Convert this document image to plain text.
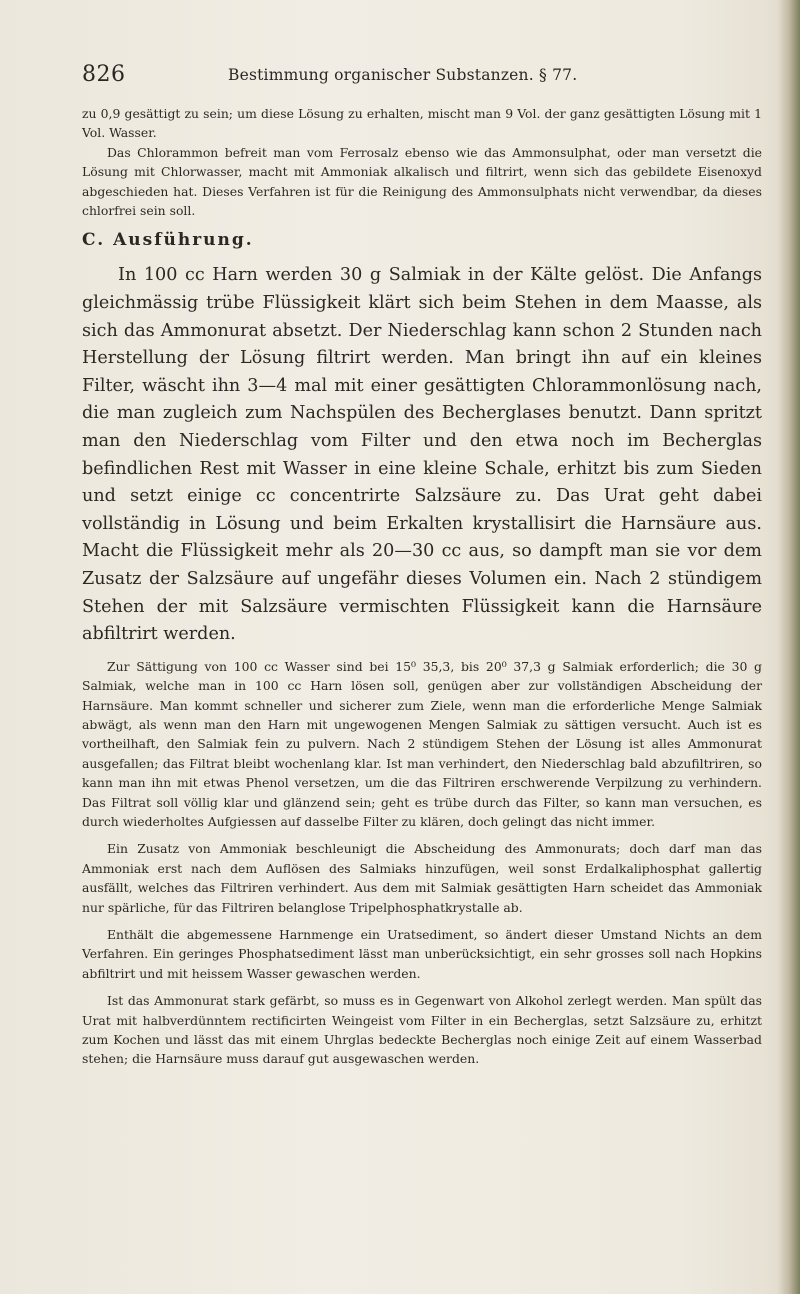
826	Bestimmung organischer Substanzen. § 77.

zu 0,9 gesättigt zu sein; um diese Lösung zu erhalten, mischt man 9 Vol. der ganz gesättigten Lösung mit 1 Vol. Wasser.

Das Chlorammon befreit man vom Ferrosalz ebenso wie das Ammonsulphat, oder man versetzt die Lösung mit Chlorwasser, macht mit Ammoniak alkalisch und filtrirt, wenn sich das gebildete Eisenoxyd abgeschieden hat. Dieses Verfahren ist für die Reinigung des Ammonsulphats nicht verwendbar, da dieses chlorfrei sein soll.

C. Ausführung.

In 100 cc Harn werden 30 g Salmiak in der Kälte gelöst. Die Anfangs gleichmässig trübe Flüssigkeit klärt sich beim Stehen in dem Maasse, als sich das Ammonurat absetzt. Der Niederschlag kann schon 2 Stunden nach Herstellung der Lösung filtrirt werden. Man bringt ihn auf ein kleines Filter, wäscht ihn 3—4 mal mit einer gesättigten Chlorammonlösung nach, die man zugleich zum Nachspülen des Becherglases benutzt. Dann spritzt man den Niederschlag vom Filter und den etwa noch im Becherglas befindlichen Rest mit Wasser in eine kleine Schale, erhitzt bis zum Sieden und setzt einige cc concentrirte Salzsäure zu. Das Urat geht dabei vollständig in Lösung und beim Erkalten krystallisirt die Harnsäure aus. Macht die Flüssigkeit mehr als 20—30 cc aus, so dampft man sie vor dem Zusatz der Salzsäure auf ungefähr dieses Volumen ein. Nach 2 stündigem Stehen der mit Salzsäure vermischten Flüssigkeit kann die Harnsäure abfiltrirt werden.

Zur Sättigung von 100 cc Wasser sind bei 15⁰ 35,3, bis 20⁰ 37,3 g Salmiak erforderlich; die 30 g Salmiak, welche man in 100 cc Harn lösen soll, genügen aber zur vollständigen Abscheidung der Harnsäure. Man kommt schneller und sicherer zum Ziele, wenn man die erforderliche Menge Salmiak abwägt, als wenn man den Harn mit ungewogenen Mengen Salmiak zu sättigen versucht. Auch ist es vortheilhaft, den Salmiak fein zu pulvern. Nach 2 stündigem Stehen der Lösung ist alles Ammonurat ausgefallen; das Filtrat bleibt wochenlang klar. Ist man verhindert, den Niederschlag bald abzufiltriren, so kann man ihn mit etwas Phenol versetzen, um die das Filtriren erschwerende Verpilzung zu verhindern. Das Filtrat soll völlig klar und glänzend sein; geht es trübe durch das Filter, so kann man versuchen, es durch wiederholtes Aufgiessen auf dasselbe Filter zu klären, doch gelingt das nicht immer.

Ein Zusatz von Ammoniak beschleunigt die Abscheidung des Ammonurats; doch darf man das Ammoniak erst nach dem Auflösen des Salmiaks hinzufügen, weil sonst Erdalkaliphosphat gallertig ausfällt, welches das Filtriren verhindert. Aus dem mit Salmiak gesättigten Harn scheidet das Ammoniak nur spärliche, für das Filtriren belanglose Tripelphosphatkrystalle ab.

Enthält die abgemessene Harnmenge ein Uratsediment, so ändert dieser Umstand Nichts an dem Verfahren. Ein geringes Phosphatsediment lässt man unberücksichtigt, ein sehr grosses soll nach Hopkins abfiltrirt und mit heissem Wasser gewaschen werden.

Ist das Ammonurat stark gefärbt, so muss es in Gegenwart von Alkohol zerlegt werden. Man spült das Urat mit halbverdünntem rectificirten Weingeist vom Filter in ein Becherglas, setzt Salzsäure zu, erhitzt zum Kochen und lässt das mit einem Uhrglas bedeckte Becherglas noch einige Zeit auf einem Wasserbad stehen; die Harnsäure muss darauf gut ausgewaschen werden.
